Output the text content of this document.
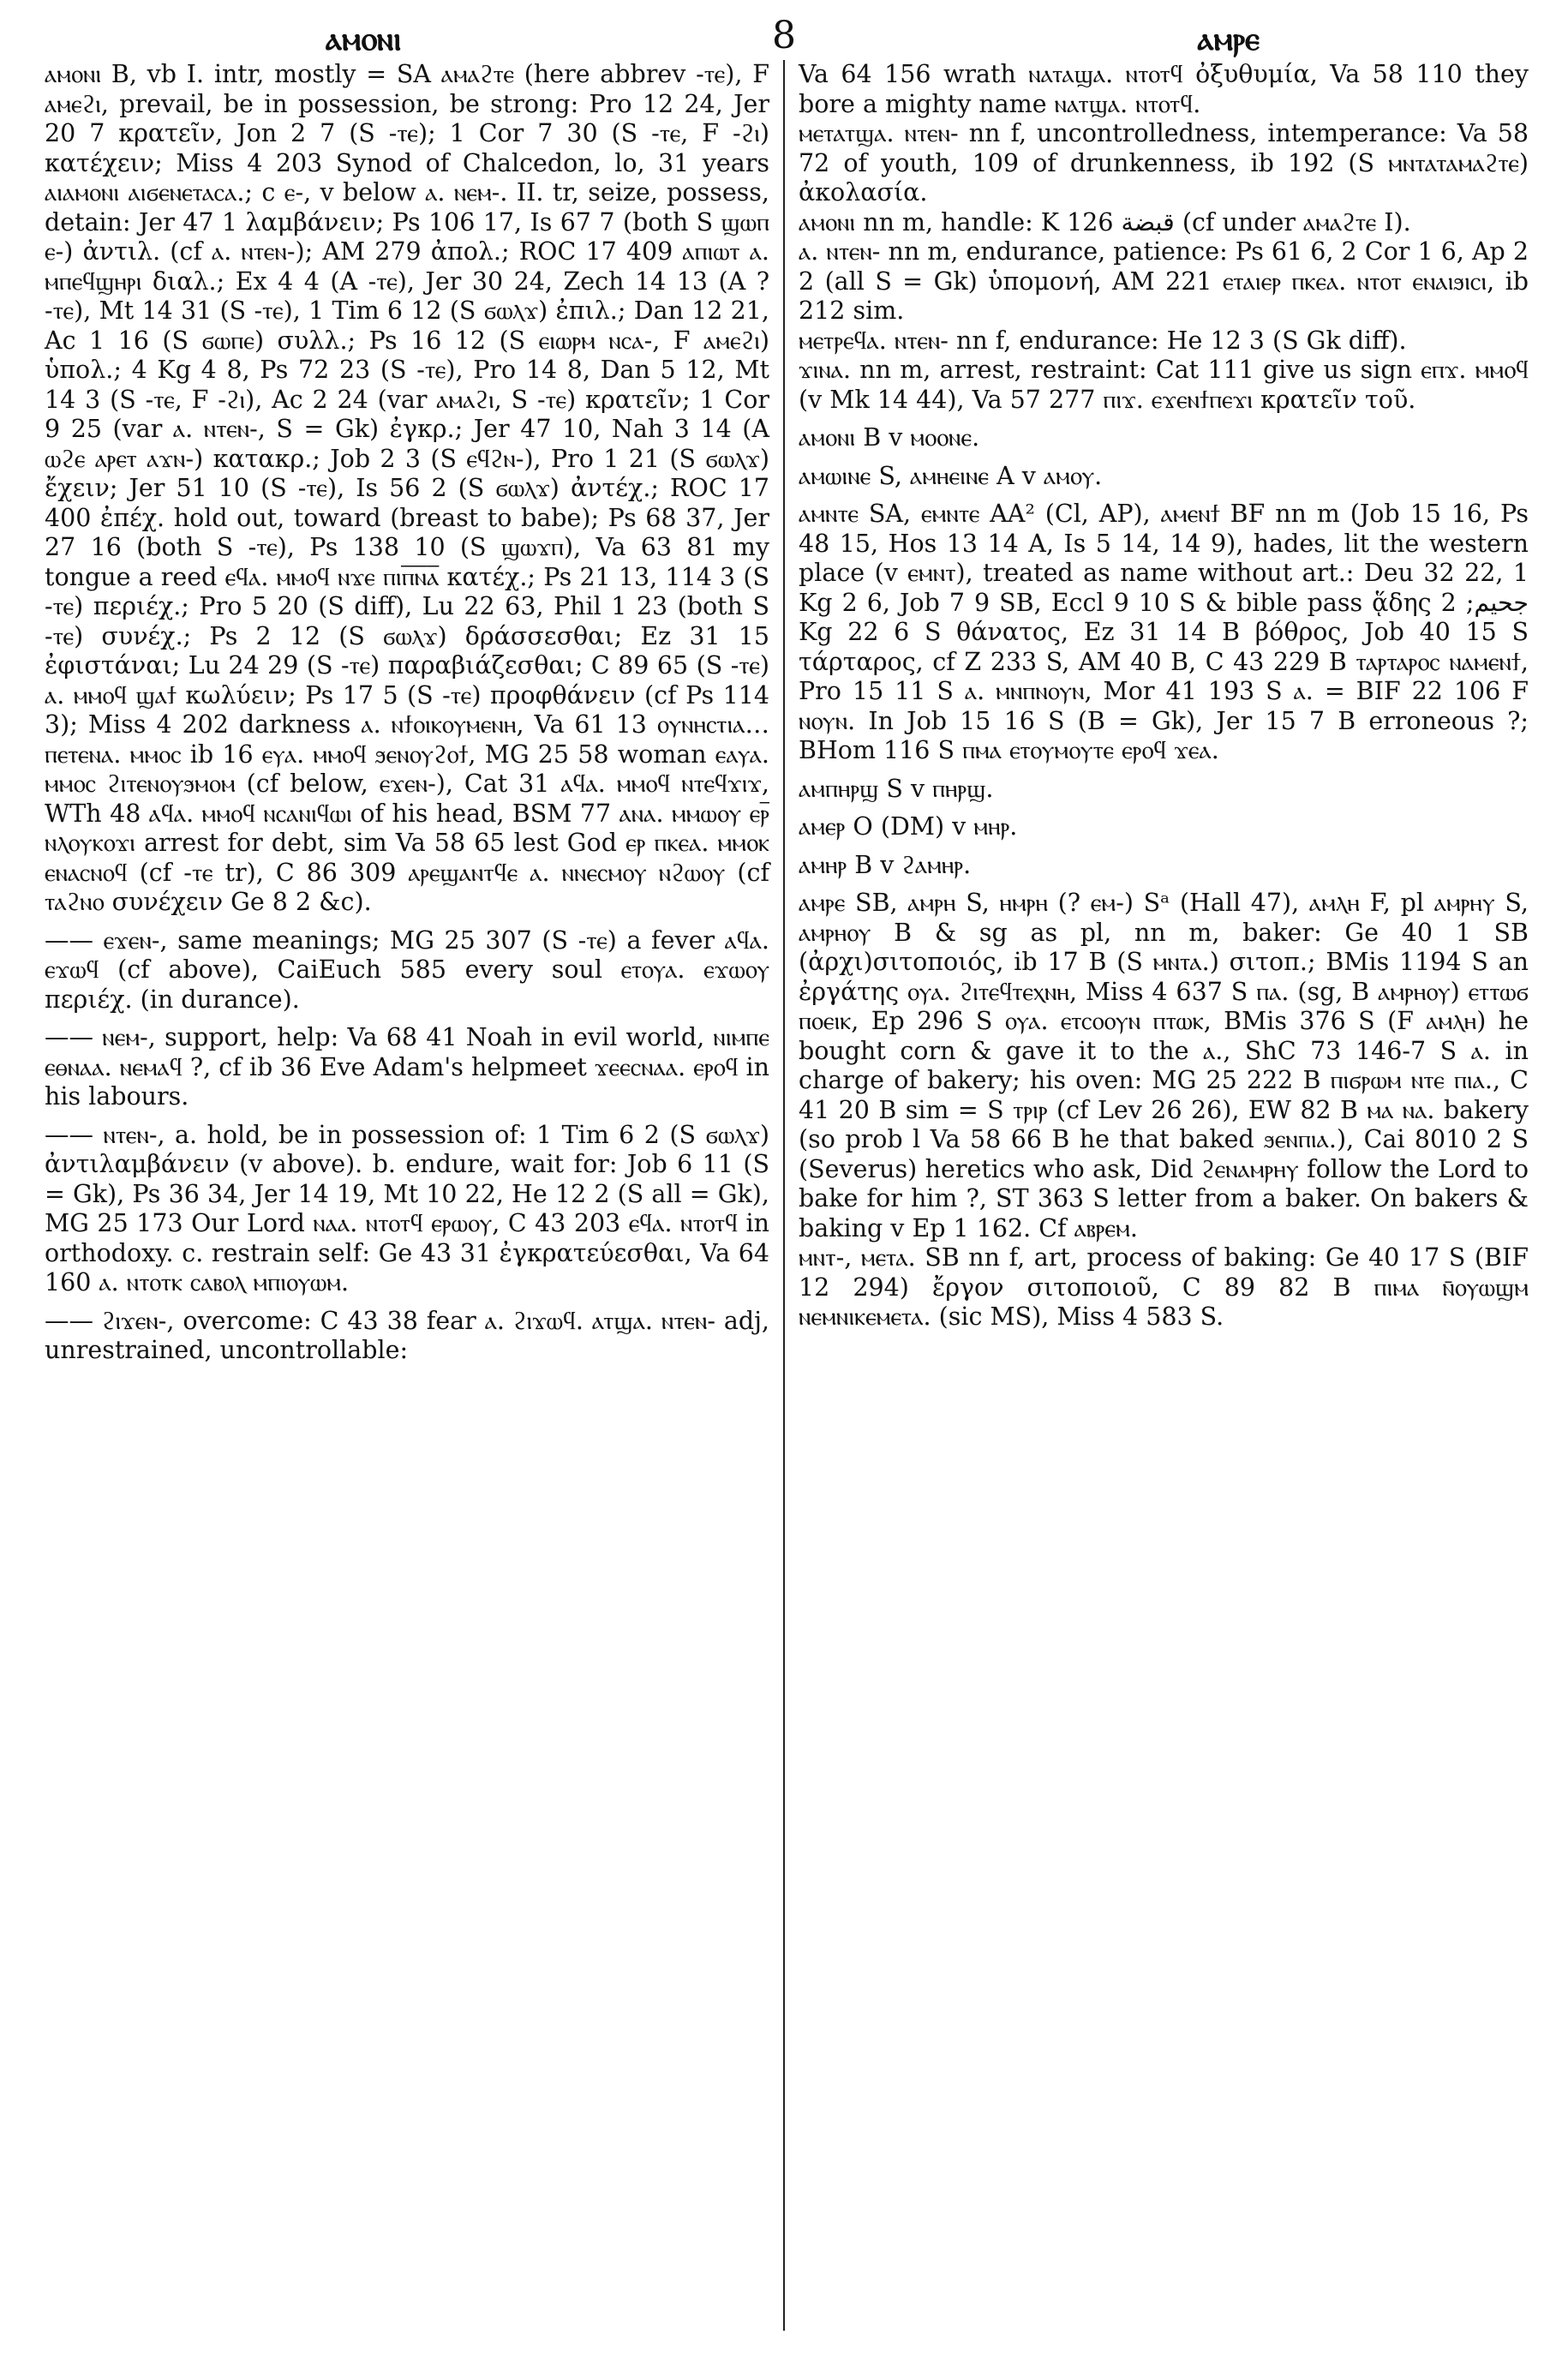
ⲁⲙⲟⲛⲓ	8	ⲁⲙⲣⲉ

ⲁⲙⲟⲛⲓ B, vb I. intr, mostly = SA ⲁⲙⲁϩⲧⲉ (here abbrev -ⲧⲉ), F ⲁⲙⲉϩⲓ, prevail, be in possession, be strong: Pro 12 24, Jer 20 7 κρατεῖν, Jon 2 7 (S -ⲧⲉ); 1 Cor 7 30 (S -ⲧⲉ, F -ϩⲓ) κατέχειν; Miss 4 203 Synod of Chalcedon, lo, 31 years ⲁⲓⲁⲙⲟⲛⲓ ⲁⲓϭⲉⲛⲉⲧⲁⲥⲁ.; c ⲉ-, v below ⲁ. ⲛⲉⲙ-. II. tr, seize, possess, detain: Jer 47 1 λαμβάνειν; Ps 106 17, Is 67 7 (both S ϣⲱⲡ ⲉ-) ἀντιλ. (cf ⲁ. ⲛⲧⲉⲛ-); AM 279 ἀπολ.; ROC 17 409 ⲁⲡⲓⲱⲧ ⲁ. ⲙⲡⲉϥϣⲏⲣⲓ διαλ.; Ex 4 4 (A -ⲧⲉ), Jer 30 24, Zech 14 13 (A ? -ⲧⲉ), Mt 14 31 (S -ⲧⲉ), 1 Tim 6 12 (S ϭⲱⲗϫ) ἐπιλ.; Dan 12 21, Ac 1 16 (S ϭⲱⲡⲉ) συλλ.; Ps 16 12 (S ⲉⲓⲱⲣⲙ ⲛⲥⲁ-, F ⲁⲙⲉϩⲓ) ὑπολ.; 4 Kg 4 8, Ps 72 23 (S -ⲧⲉ), Pro 14 8, Dan 5 12, Mt 14 3 (S -ⲧⲉ, F -ϩⲓ), Ac 2 24 (var ⲁⲙⲁϩⲓ, S -ⲧⲉ) κρατεῖν; 1 Cor 9 25 (var ⲁ. ⲛⲧⲉⲛ-, S = Gk) ἐγκρ.; Jer 47 10, Nah 3 14 (A ⲱϩⲉ ⲁⲣⲉⲧ ⲁϫⲛ-) κατακρ.; Job 2 3 (S ⲉϥϩⲛ-), Pro 1 21 (S ϭⲱⲗϫ) ἔχειν; Jer 51 10 (S -ⲧⲉ), Is 56 2 (S ϭⲱⲗϫ) ἀντέχ.; ROC 17 400 ἐπέχ. hold out, toward (breast to babe); Ps 68 37, Jer 27 16 (both S -ⲧⲉ), Ps 138 10 (S ϣⲱϫⲡ), Va 63 81 my tongue a reed ⲉϥⲁ. ⲙⲙⲟϥ ⲛϫⲉ ⲡⲓⲡ̅ⲛ̅ⲁ̅ κατέχ.; Ps 21 13, 114 3 (S -ⲧⲉ) περιέχ.; Pro 5 20 (S diff), Lu 22 63, Phil 1 23 (both S -ⲧⲉ) συνέχ.; Ps 2 12 (S ϭⲱⲗϫ) δράσσεσθαι; Ez 31 15 ἐφιστάναι; Lu 24 29 (S -ⲧⲉ) παραβιάζεσθαι; C 89 65 (S -ⲧⲉ) ⲁ. ⲙⲙⲟϥ ϣⲁϯ κωλύειν; Ps 17 5 (S -ⲧⲉ) προφθάνειν (cf Ps 114 3); Miss 4 202 darkness ⲁ. ⲛϯⲟⲓⲕⲟⲩⲙⲉⲛⲏ, Va 61 13 ⲟⲩⲛⲏⲥⲧⲓⲁ…ⲡⲉⲧⲉⲛⲁ. ⲙⲙⲟⲥ ib 16 ⲉⲩⲁ. ⲙⲙⲟϥ ϧⲉⲛⲟⲩϩⲟϯ, MG 25 58 woman ⲉⲁⲩⲁ. ⲙⲙⲟⲥ ϩⲓⲧⲉⲛⲟⲩϧⲙⲟⲙ (cf below, ⲉϫⲉⲛ-), Cat 31 ⲁϥⲁ. ⲙⲙⲟϥ ⲛⲧⲉϥϫⲓϫ, WTh 48 ⲁϥⲁ. ⲙⲙⲟϥ ⲛⲥⲁⲛⲓϥⲱⲓ of his head, BSM 77 ⲁⲛⲁ. ⲙⲙⲱⲟⲩ ⲉⲣ̅ ⲛⲗⲟⲩⲕⲟϫⲓ arrest for debt, sim Va 58 65 lest God ⲉⲣ ⲡⲕⲉⲁ. ⲙⲙⲟⲕ ⲉⲛⲁⲥⲛⲟϥ (cf -ⲧⲉ tr), C 86 309 ⲁⲣⲉϣⲁⲛⲧϥⲉ ⲁ. ⲛⲛⲉⲥⲙⲟⲩ ⲛϩⲱⲟⲩ (cf ⲧⲁϩⲛⲟ συνέχειν Ge 8 2 &c).

—— ⲉϫⲉⲛ-, same meanings; MG 25 307 (S -ⲧⲉ) a fever ⲁϥⲁ. ⲉϫⲱϥ (cf above), CaiEuch 585 every soul ⲉⲧⲟⲩⲁ. ⲉϫⲱⲟⲩ περιέχ. (in durance).

—— ⲛⲉⲙ-, support, help: Va 68 41 Noah in evil world, ⲛⲓⲙⲡⲉ ⲉⲑⲛⲁⲁ. ⲛⲉⲙⲁϥ ?, cf ib 36 Eve Adam's helpmeet ϫⲉⲉⲥⲛⲁⲁ. ⲉⲣⲟϥ in his labours.

—— ⲛⲧⲉⲛ-, a. hold, be in possession of: 1 Tim 6 2 (S ϭⲱⲗϫ) ἀντιλαμβάνειν (v above). b. endure, wait for: Job 6 11 (S = Gk), Ps 36 34, Jer 14 19, Mt 10 22, He 12 2 (S all = Gk), MG 25 173 Our Lord ⲛⲁⲁ. ⲛⲧⲟⲧϥ ⲉⲣⲱⲟⲩ, C 43 203 ⲉϥⲁ. ⲛⲧⲟⲧϥ in orthodoxy. c. restrain self: Ge 43 31 ἐγκρατεύεσθαι, Va 64 160 ⲁ. ⲛⲧⲟⲧⲕ ⲥⲁⲃⲟⲗ ⲙⲡⲓⲟⲩⲱⲙ.

—— ϩⲓϫⲉⲛ-, overcome: C 43 38 fear ⲁ. ϩⲓϫⲱϥ. ⲁⲧϣⲁ. ⲛⲧⲉⲛ- adj, unrestrained, uncontrollable:

Va 64 156 wrath ⲛⲁⲧⲁϣⲁ. ⲛⲧⲟⲧϥ ὀξυθυμία, Va 58 110 they bore a mighty name ⲛⲁⲧϣⲁ. ⲛⲧⲟⲧϥ.

ⲙⲉⲧⲁⲧϣⲁ. ⲛⲧⲉⲛ- nn f, uncontrolledness, intemperance: Va 58 72 of youth, 109 of drunkenness, ib 192 (S ⲙⲛⲧⲁⲧⲁⲙⲁϩⲧⲉ) ἀκολασία.

ⲁⲙⲟⲛⲓ nn m, handle: K 126 قبضة (cf under ⲁⲙⲁϩⲧⲉ I).

ⲁ. ⲛⲧⲉⲛ- nn m, endurance, patience: Ps 61 6, 2 Cor 1 6, Ap 2 2 (all S = Gk) ὑπομονή, AM 221 ⲉⲧⲁⲓⲉⲣ ⲡⲕⲉⲁ. ⲛⲧⲟⲧ ⲉⲛⲁⲓϧⲓⲥⲓ, ib 212 sim.

ⲙⲉⲧⲣⲉϥⲁ. ⲛⲧⲉⲛ- nn f, endurance: He 12 3 (S Gk diff).

ϫⲓⲛⲁ. nn m, arrest, restraint: Cat 111 give us sign ⲉⲡϫ. ⲙⲙⲟϥ (v Mk 14 44), Va 57 277 ⲡⲓϫ. ⲉϫⲉⲛϯⲡⲉϫⲓ κρατεῖν τοῦ.

ⲁⲙⲟⲛⲓ B v ⲙⲟⲟⲛⲉ.

ⲁⲙⲱⲓⲛⲉ S, ⲁⲙⲏⲉⲓⲛⲉ A v ⲁⲙⲟⲩ.

ⲁⲙⲛⲧⲉ SA, ⲉⲙⲛⲧⲉ AA² (Cl, AP), ⲁⲙⲉⲛϯ BF nn m (Job 15 16, Ps 48 15, Hos 13 14 A, Is 5 14, 14 9), hades, lit the western place (v ⲉⲙⲛⲧ), treated as name without art.: Deu 32 22, 1 Kg 2 6, Job 7 9 SB, Eccl 9 10 S & bible pass ᾅδης ﺟﺤﻴﻢ; 2 Kg 22 6 S θάνατος, Ez 31 14 B βόθρος, Job 40 15 S τάρταρος, cf Z 233 S, AM 40 B, C 43 229 B ⲧⲁⲣⲧⲁⲣⲟⲥ ⲛⲁⲙⲉⲛϯ, Pro 15 11 S ⲁ. ⲙⲛⲡⲛⲟⲩⲛ, Mor 41 193 S ⲁ. = BIF 22 106 F ⲛⲟⲩⲛ. In Job 15 16 S (B = Gk), Jer 15 7 B erroneous ?; BHom 116 S ⲡⲙⲁ ⲉⲧⲟⲩⲙⲟⲩⲧⲉ ⲉⲣⲟϥ ϫⲉⲁ.

ⲁⲙⲡⲏⲣϣ S v ⲡⲏⲣϣ.

ⲁⲙⲉⲣ O (DM) v ⲙⲏⲣ.

ⲁⲙⲏⲣ B v ϩⲁⲙⲏⲣ.

ⲁⲙⲣⲉ SB, ⲁⲙⲣⲏ S, ⲏⲙⲣⲏ (? ⲉⲙ-) Sᵃ (Hall 47), ⲁⲙⲗⲏ F, pl ⲁⲙⲣⲏⲩ S, ⲁⲙⲣⲏⲟⲩ B & sg as pl, nn m, baker: Ge 40 1 SB (ἀρχι)σιτοποιός, ib 17 B (S ⲙⲛⲧⲁ.) σιτοπ.; BMis 1194 S an ἐργάτης ⲟⲩⲁ. ϩⲓⲧⲉϥⲧⲉⲭⲛⲏ, Miss 4 637 S ⲡⲁ. (sg, B ⲁⲙⲣⲏⲟⲩ) ⲉⲧⲧⲱϭ ⲡⲟⲉⲓⲕ, Ep 296 S ⲟⲩⲁ. ⲉⲧⲥⲟⲟⲩⲛ ⲡⲧⲱⲕ, BMis 376 S (F ⲁⲙⲗⲏ) he bought corn & gave it to the ⲁ., ShC 73 146-7 S ⲁ. in charge of bakery; his oven: MG 25 222 B ⲡⲓϭⲣⲱⲙ ⲛⲧⲉ ⲡⲓⲁ., C 41 20 B sim = S ⲧⲣⲓⲣ (cf Lev 26 26), EW 82 B ⲙⲁ ⲛⲁ. bakery (so prob l Va 58 66 B he that baked ϧⲉⲛⲡⲓⲁ.), Cai 8010 2 S (Severus) heretics who ask, Did ϩⲉⲛⲁⲙⲣⲏⲩ follow the Lord to bake for him ?, ST 363 S letter from a baker. On bakers & baking v Ep 1 162. Cf ⲁⲃⲣⲉⲙ.

ⲙⲛⲧ-, ⲙⲉⲧⲁ. SB nn f, art, process of baking: Ge 40 17 S (BIF 12 294) ἔργον σιτοποιοῦ, C 89 82 B ⲡⲓⲙⲁ ⲛ̄ⲟⲩⲱϣⲙ ⲛⲉⲙⲛⲓⲕⲉⲙⲉⲧⲁ. (sic MS), Miss 4 583 S.
